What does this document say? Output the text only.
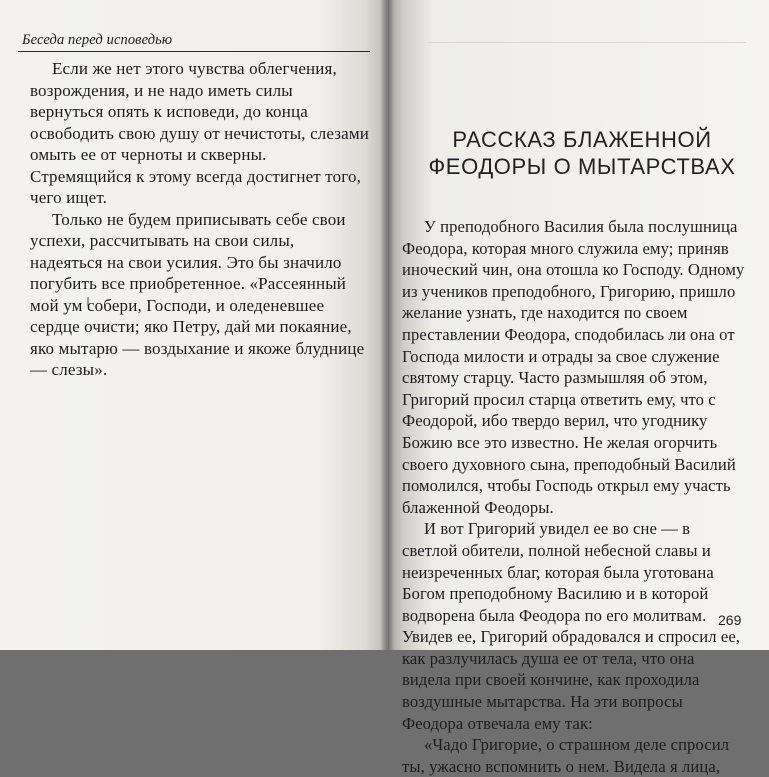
Беседа перед исповедью

Если же нет этого чувства облегчения, возрождения, и не надо иметь силы вернуться опять к исповеди, до конца освободить свою душу от нечистоты, слезами омыть ее от черноты и скверны. Стремящийся к этому всегда достигнет того, чего ищет.

Только не будем приписывать себе свои успехи, рассчитывать на свои силы, надеяться на свои усилия. Это бы значило погубить все приобретенное. «Рассеянный мой ум собери, Господи, и оледеневшее сердце очисти; яко Петру, дай ми покаяние, яко мытарю — воздыхание и якоже блуднице — слезы».

РАССКАЗ БЛАЖЕННОЙ
ФЕОДОРЫ О МЫТАРСТВАХ

У преподобного Василия была послушница Феодора, которая много служила ему; приняв иноческий чин, она отошла ко Господу. Одному из учеников преподобного, Григорию, пришло желание узнать, где находится по своем преставлении Феодора, сподобилась ли она от Господа милости и отрады за свое служение святому старцу. Часто размышляя об этом, Григорий просил старца ответить ему, что с Феодорой, ибо твердо верил, что угоднику Божию все это известно. Не желая огорчить своего духовного сына, преподобный Василий помолился, чтобы Господь открыл ему участь блаженной Феодоры.

И вот Григорий увидел ее во сне — в светлой обители, полной небесной славы и неизреченных благ, которая была уготована Богом преподобному Василию и в которой водворена была Феодора по его молитвам. Увидев ее, Григорий обрадовался и спросил ее, как разлучилась душа ее от тела, что она видела при своей кончине, как проходила воздушные мытарства. На эти вопросы Феодора отвечала ему так:

«Чадо Григорие, о страшном деле спросил ты, ужасно вспомнить о нем. Видела я лица,

269
